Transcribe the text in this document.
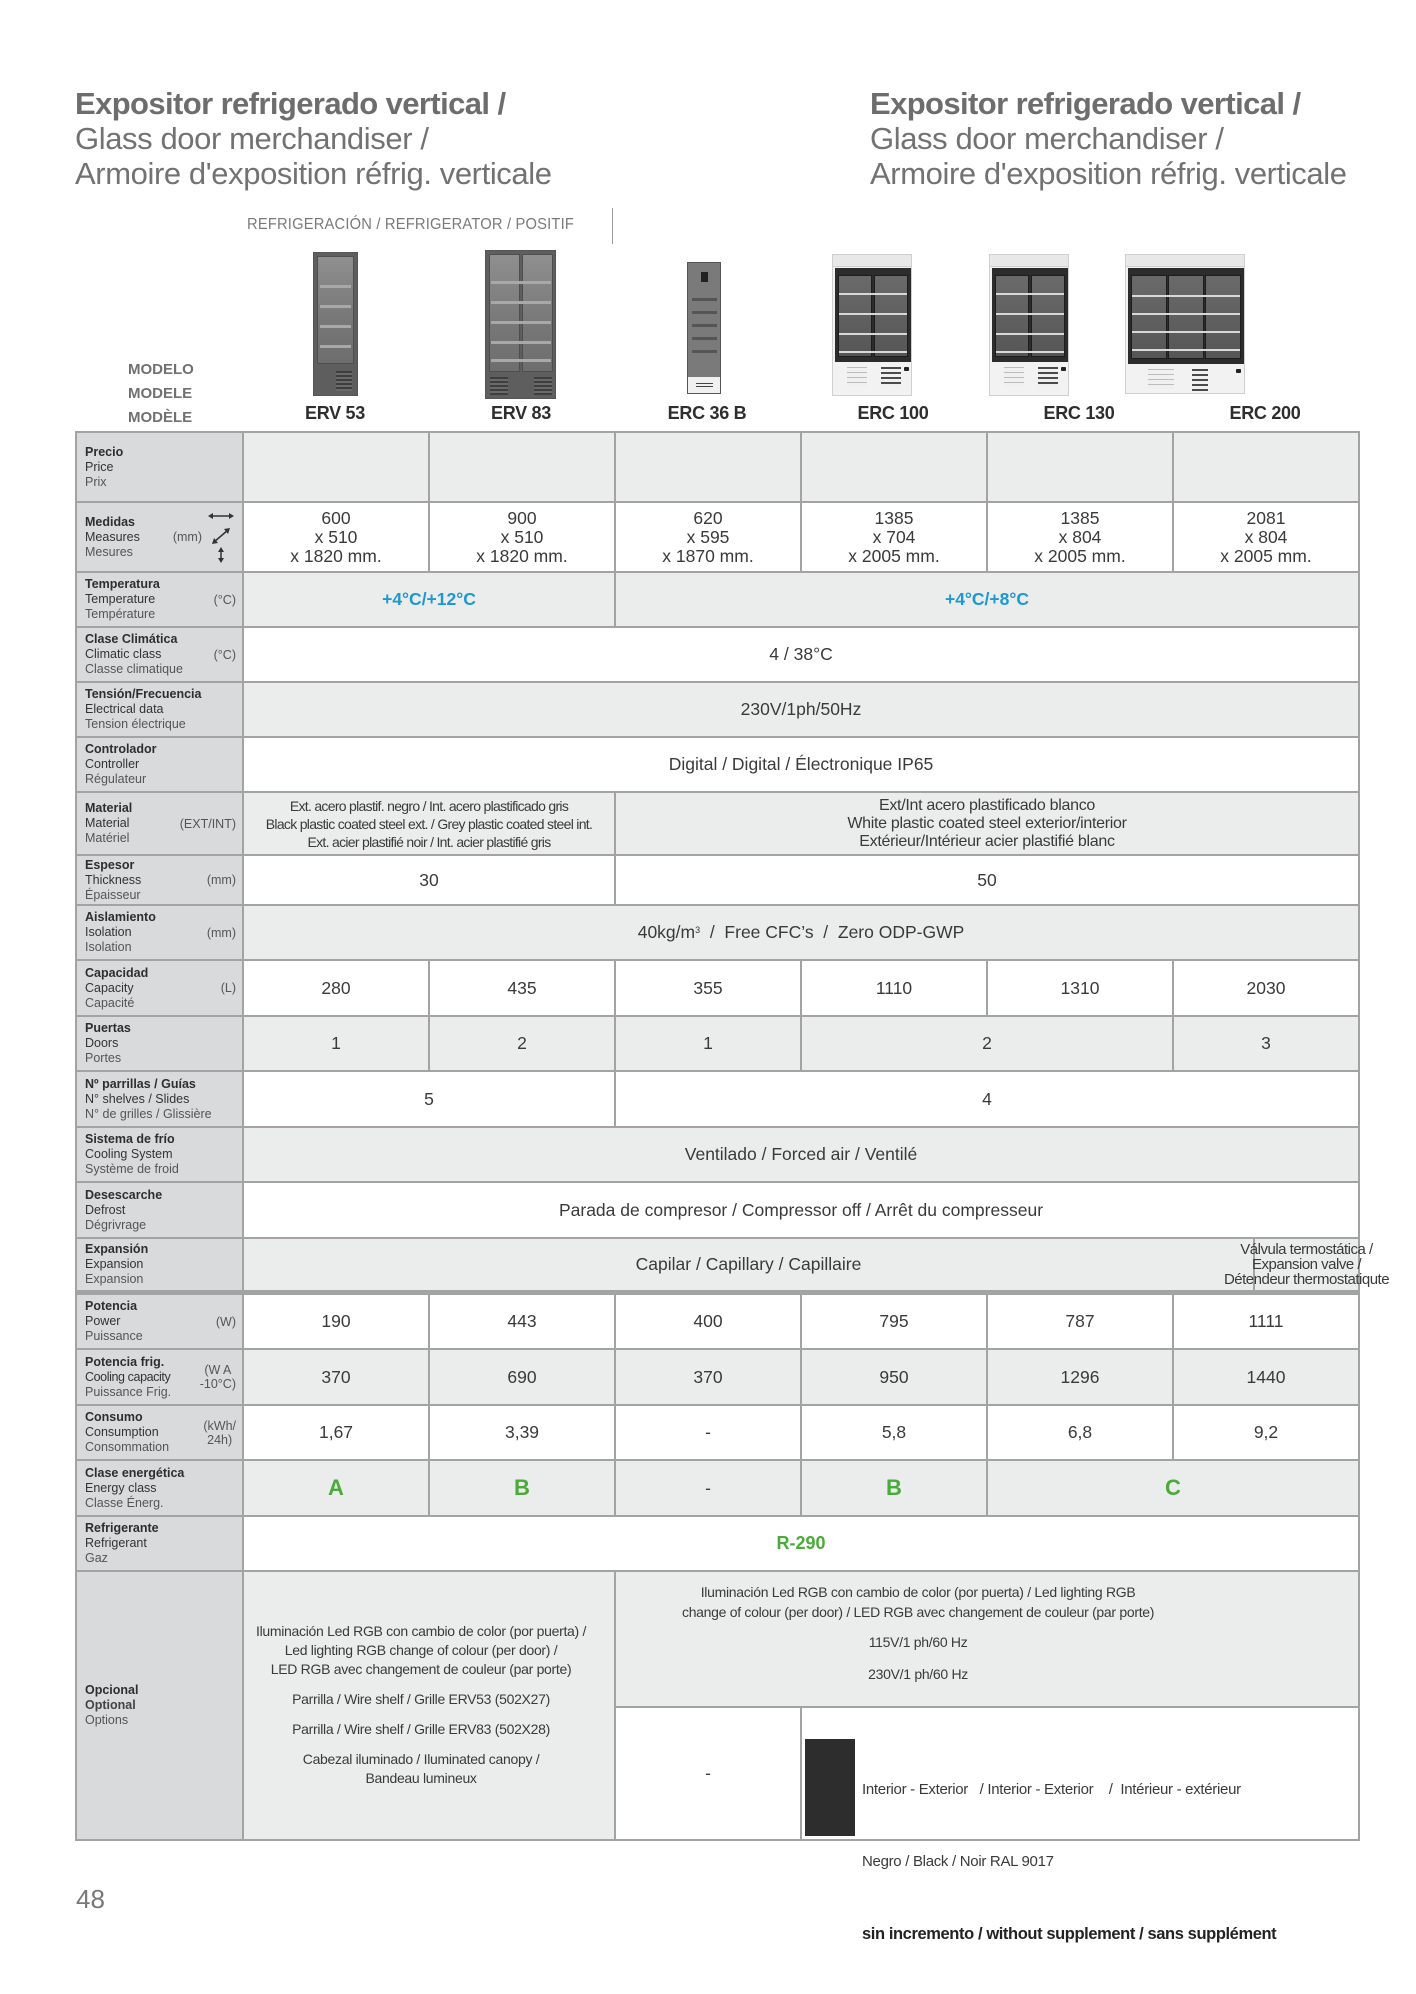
Expositor refrigerado vertical /
Glass door merchandiser /
Armoire d'exposition réfrig. verticale
Expositor refrigerado vertical /
Glass door merchandiser /
Armoire d'exposition réfrig. verticale
REFRIGERACIÓN / REFRIGERATOR / POSITIF
MODELO
MODELE
MODÈLE	ERV 53	ERV 83	ERC 36 B	ERC 100	ERC 130	ERC 200
Precio
Price
Prix
Medidas
Measures
Mesures
(mm)
600
x 510
x 1820 mm.
900
x 510
x 1820 mm.
620
x 595
x 1870 mm.
1385
x 704
x 2005 mm.
1385
x 804
x 2005 mm.
2081
x 804
x 2005 mm.
Temperatura
Temperature
Température
(°C)	+4°C/+12°C	+4°C/+8°C
Clase Climática
Climatic class
Classe climatique
(°C)	4 / 38°C
Tensión/Frecuencia
Electrical data
Tension électrique
230V/1ph/50Hz
Controlador
Controller
Régulateur
Digital / Digital / Électronique IP65
Material
Material
Matériel
(EXT/INT)
Ext. acero plastif. negro / Int. acero plastificado gris
Black plastic coated steel ext. / Grey plastic coated steel int.
Ext. acier plastifié noir / Int. acier plastifié gris
Ext/Int acero plastificado blanco
White plastic coated steel exterior/interior
Extérieur/Intérieur acier plastifié blanc
Espesor
Thickness
Épaisseur
(mm)	30	50
Aislamiento
Isolation
Isolation
(mm)	$40kg/m^3$ /  Free CFC’s  /  Zero ODP-GWP
Capacidad
Capacity
Capacité
(L)	280	435	355	1110	1310	2030
Puertas
Doors
Portes
1	2	1	2	3
Nº parrillas / Guías
N° shelves / Slides
N° de grilles / Glissière
5	4
Sistema de frío
Cooling System
Système de froid
Ventilado / Forced air / Ventilé
Desescarche
Defrost
Dégrivrage
Parada de compresor / Compressor off / Arrêt du compresseur
Expansión
Expansion
Expansion
Capilar / Capillary / Capillaire
Válvula termostática /
Expansion valve /
Détendeur thermostatiqute
Potencia
Power
Puissance
(W)	190	443	400	795	787	1111
Potencia frig.
Cooling capacity
Puissance Frig.
(W A
-10°C)	370	690	370	950	1296	1440
Consumo
Consumption
Consommation
(kWh/
24h)	1,67	3,39	-	5,8	6,8	9,2
Clase energética
Energy class
Classe Énerg.
A	B	-	B	C
Refrigerante
Refrigerant
Gaz
R-290
Opcional
Optional
Options

Iluminación Led RGB con cambio de color (por puerta) /
Led lighting RGB change of colour (per door) /
LED RGB avec changement de couleur (par porte)

Parrilla / Wire shelf / Grille ERV53 (502X27)

Parrilla / Wire shelf / Grille ERV83 (502X28)

Cabezal iluminado / Iluminated canopy /
Bandeau lumineux

Iluminación Led RGB con cambio de color (por puerta) / Led lighting RGB
change of colour (per door) / LED RGB avec changement de couleur (par porte)

115V/1 ph/60 Hz

230V/1 ph/60 Hz

-

Interior - Exterior   / Interior - Exterior    /  Intérieur - extérieur

Negro / Black / Noir RAL 9017

sin incremento / without supplement / sans supplément

48
